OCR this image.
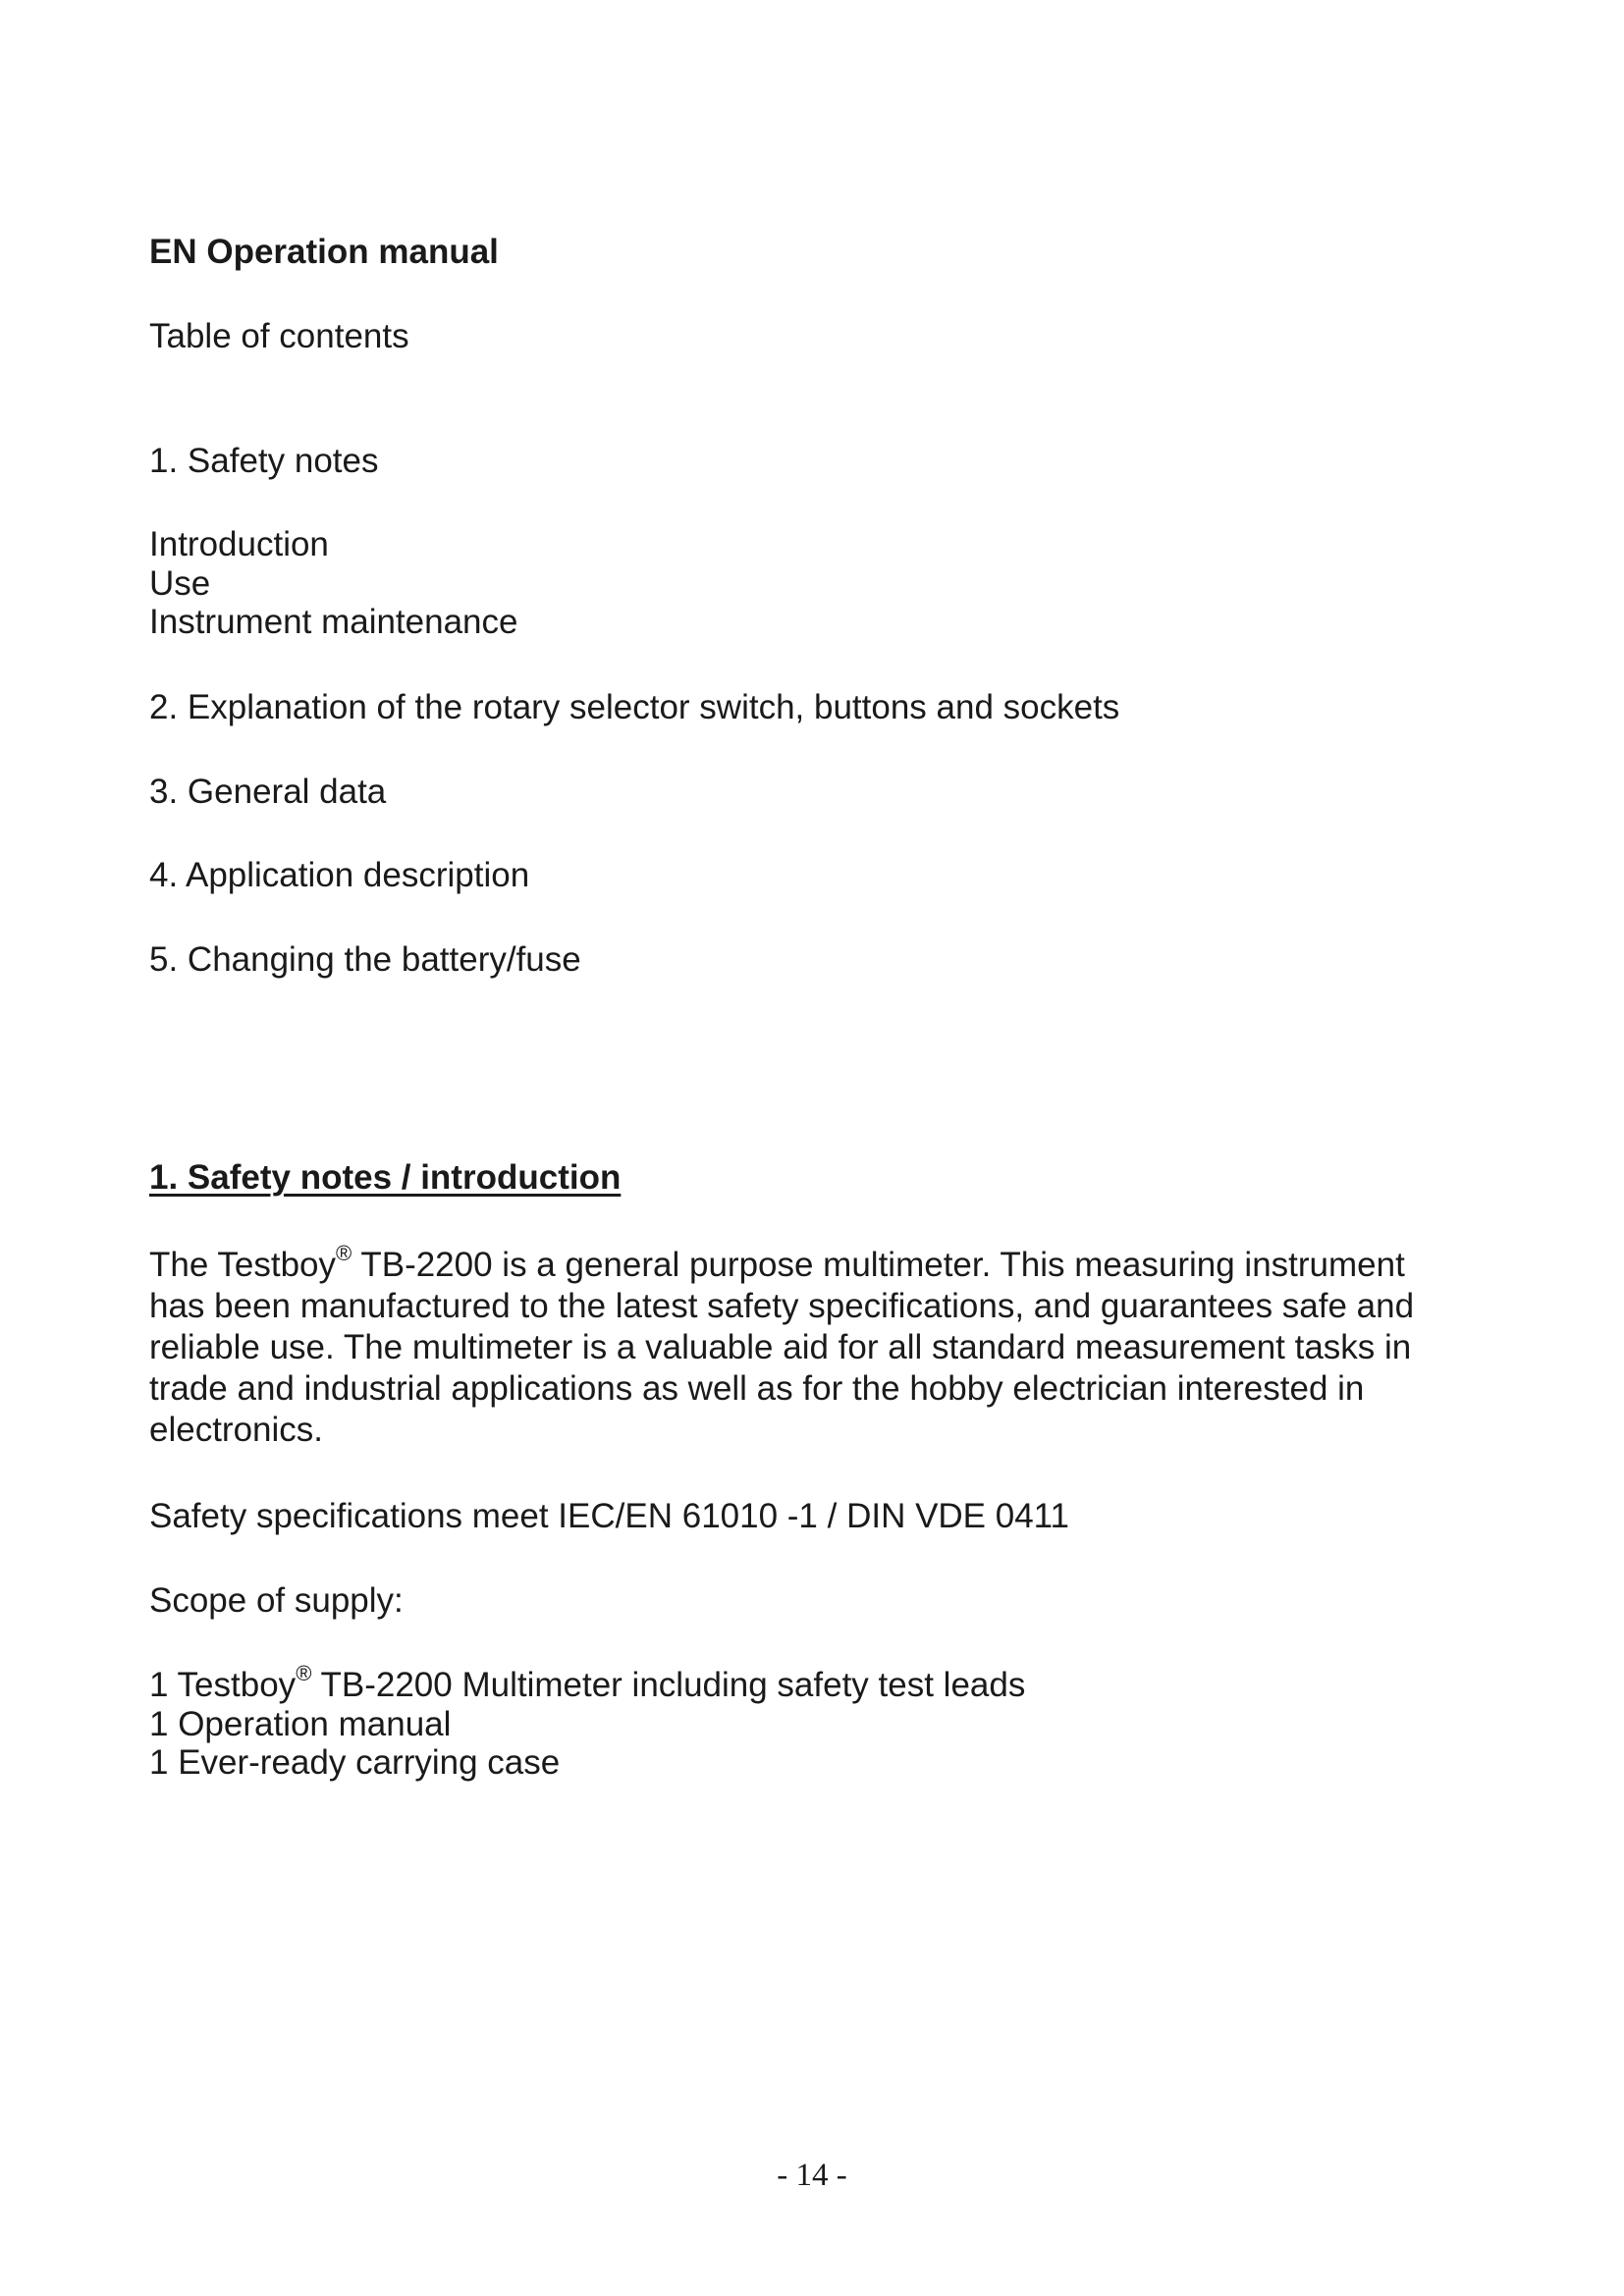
EN Operation manual
Table of contents
1. Safety notes
Introduction
Use
Instrument maintenance
2. Explanation of the rotary selector switch, buttons and sockets
3. General data
4. Application description
5. Changing the battery/fuse
1. Safety notes / introduction
The Testboy® TB-2200 is a general purpose multimeter. This measuring instrument
has been manufactured to the latest safety specifications, and guarantees safe and
reliable use. The multimeter is a valuable aid for all standard measurement tasks in
trade and industrial applications as well as for the hobby electrician interested in
electronics.
Safety specifications meet IEC/EN 61010 -1 / DIN VDE 0411
Scope of supply:
1 Testboy® TB-2200 Multimeter including safety test leads
1 Operation manual
1 Ever-ready carrying case
- 14 -
